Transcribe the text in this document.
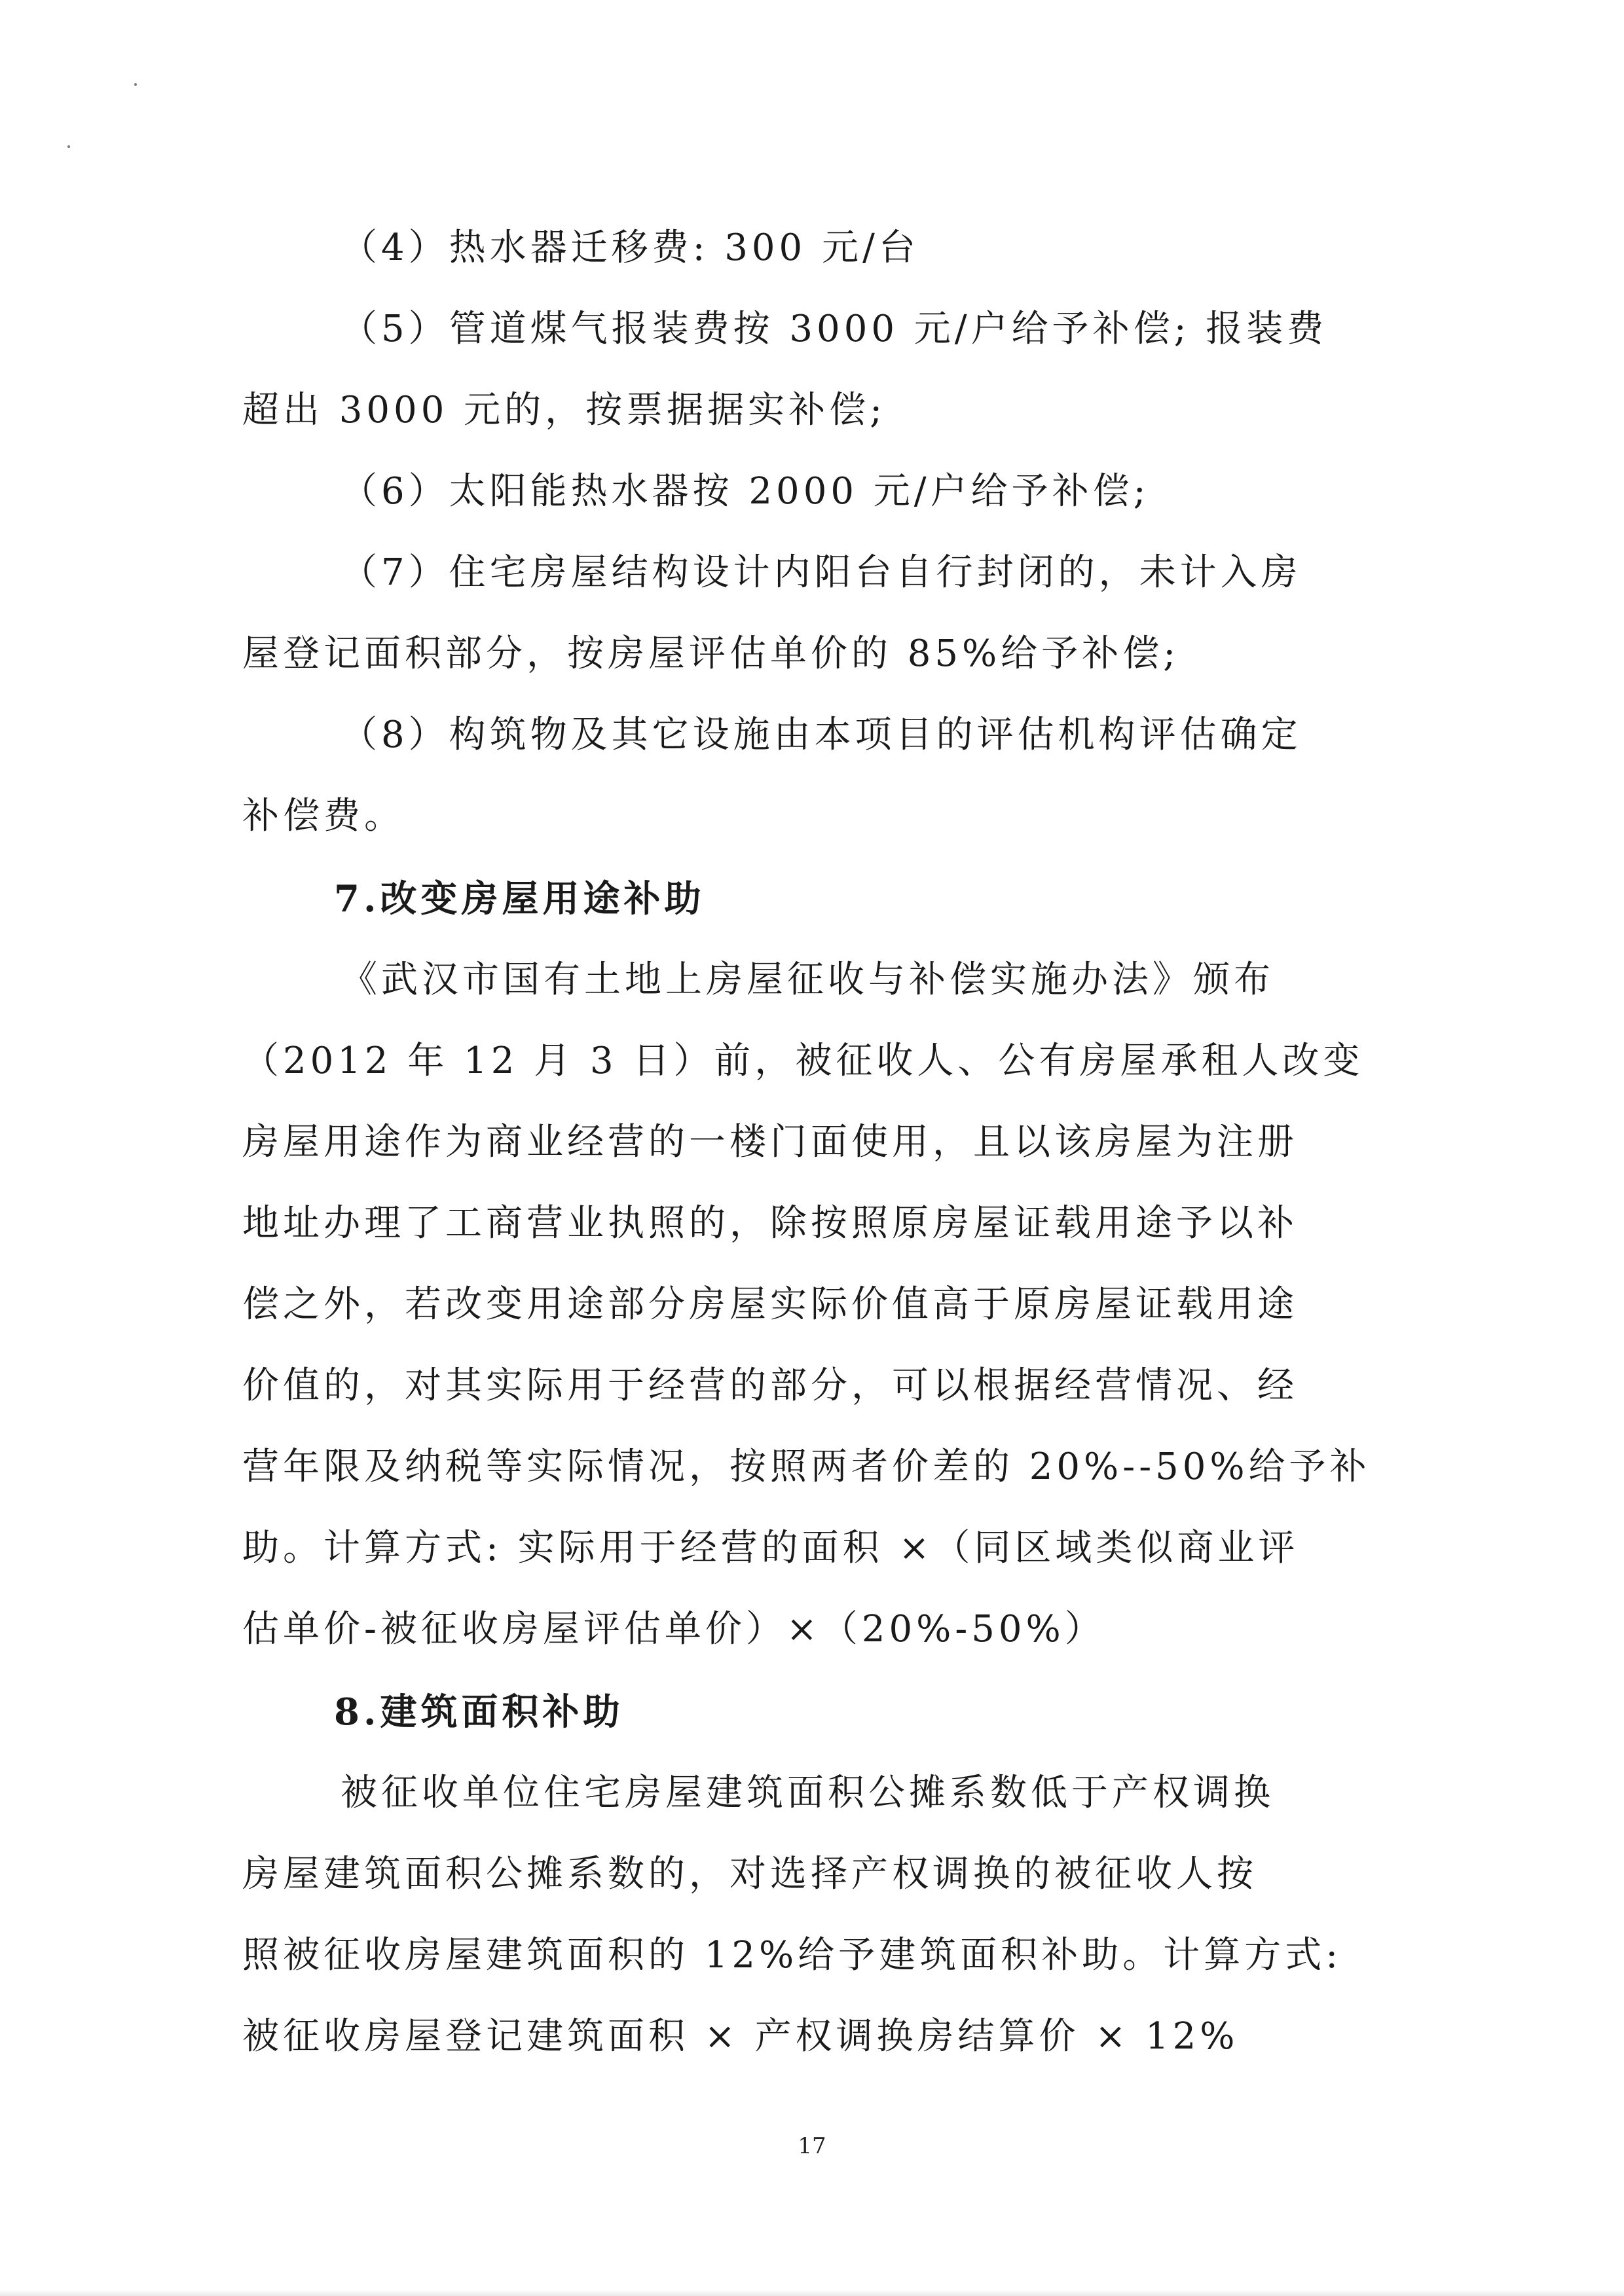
（4）热水器迁移费: 300 元/台
（5）管道煤气报装费按 3000 元/户给予补偿; 报装费
超出 3000 元的，按票据据实补偿;
（6）太阳能热水器按 2000 元/户给予补偿;
（7）住宅房屋结构设计内阳台自行封闭的，未计入房
屋登记面积部分，按房屋评估单价的 85%给予补偿;
（8）构筑物及其它设施由本项目的评估机构评估确定
补偿费。
7.改变房屋用途补助
《武汉市国有土地上房屋征收与补偿实施办法》颁布
（2012 年 12 月 3 日）前，被征收人、公有房屋承租人改变
房屋用途作为商业经营的一楼门面使用，且以该房屋为注册
地址办理了工商营业执照的，除按照原房屋证载用途予以补
偿之外，若改变用途部分房屋实际价值高于原房屋证载用途
价值的，对其实际用于经营的部分，可以根据经营情况、经
营年限及纳税等实际情况，按照两者价差的 20%--50%给予补
助。计算方式: 实际用于经营的面积 ×（同区域类似商业评
估单价-被征收房屋评估单价）×（20%-50%）
8.建筑面积补助
被征收单位住宅房屋建筑面积公摊系数低于产权调换
房屋建筑面积公摊系数的，对选择产权调换的被征收人按
照被征收房屋建筑面积的 12%给予建筑面积补助。计算方式:
被征收房屋登记建筑面积 × 产权调换房结算价 × 12%
17
